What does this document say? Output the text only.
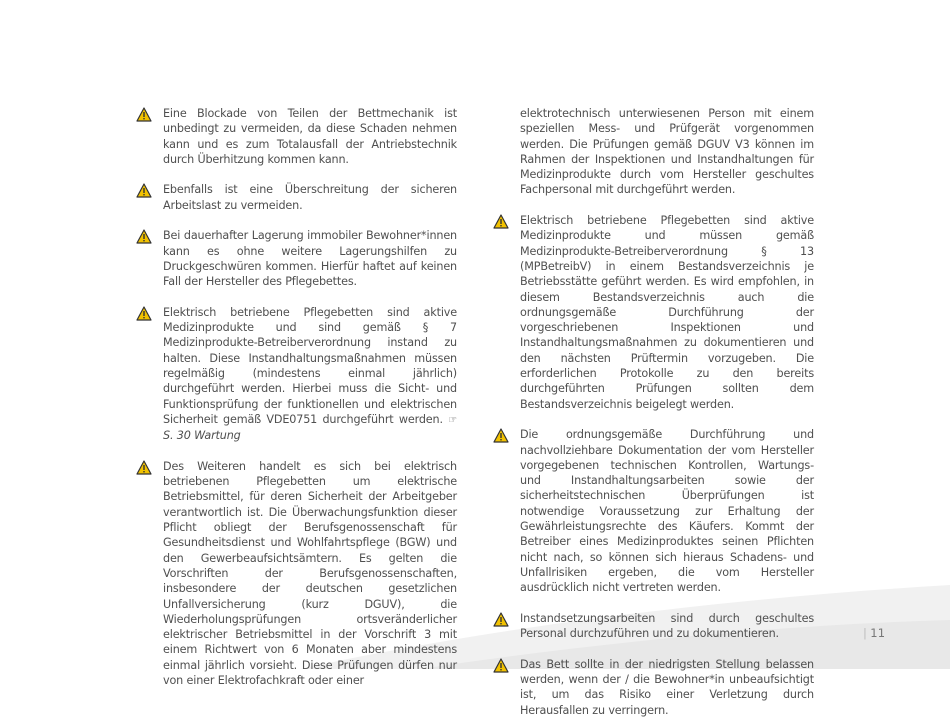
Eine Blockade von Teilen der Bettmechanik ist unbedingt zu vermeiden, da diese Schaden nehmen kann und es zum Totalausfall der Antriebstechnik durch Überhitzung kommen kann.

Ebenfalls ist eine Überschreitung der sicheren Arbeitslast zu vermeiden.

Bei dauerhafter Lagerung immobiler Bewohner*innen kann es ohne weitere Lagerungshilfen zu Druckgeschwüren kommen. Hierfür haftet auf keinen Fall der Hersteller des Pflegebettes.

Elektrisch betriebene Pflegebetten sind aktive Medizinprodukte und sind gemäß § 7 Medizinprodukte-Betreiberverordnung instand zu halten. Diese Instandhaltungsmaßnahmen müssen regelmäßig (mindestens einmal jährlich) durchgeführt werden. Hierbei muss die Sicht- und Funktionsprüfung der funktionellen und elektrischen Sicherheit gemäß VDE0751 durchgeführt werden. ☞ S. 30 Wartung

Des Weiteren handelt es sich bei elektrisch betriebenen Pflegebetten um elektrische Betriebsmittel, für deren Sicherheit der Arbeitgeber verantwortlich ist. Die Überwachungsfunktion dieser Pflicht obliegt der Berufsgenossenschaft für Gesundheitsdienst und Wohlfahrtspflege (BGW) und den Gewerbeaufsichtsämtern. Es gelten die Vorschriften der Berufsgenossenschaften, insbesondere der deutschen gesetzlichen Unfallversicherung (kurz DGUV), die Wiederholungsprüfungen ortsveränderlicher elektrischer Betriebsmittel in der Vorschrift 3 mit einem Richtwert von 6 Monaten aber mindestens einmal jährlich vorsieht. Diese Prüfungen dürfen nur von einer Elektrofachkraft oder einer

elektrotechnisch unterwiesenen Person mit einem speziellen Mess- und Prüfgerät vorgenommen werden. Die Prüfungen gemäß DGUV V3 können im Rahmen der Inspektionen und Instandhaltungen für Medizinprodukte durch vom Hersteller geschultes Fachpersonal mit durchgeführt werden.

Elektrisch betriebene Pflegebetten sind aktive Medizinprodukte und müssen gemäß Medizinprodukte-Betreiberverordnung § 13 (MPBetreibV) in einem Bestandsverzeichnis je Betriebsstätte geführt werden. Es wird empfohlen, in diesem Bestandsverzeichnis auch die ordnungsgemäße Durchführung der vorgeschriebenen Inspektionen und Instandhaltungsmaßnahmen zu dokumentieren und den nächsten Prüftermin vorzugeben. Die erforderlichen Protokolle zu den bereits durchgeführten Prüfungen sollten dem Bestandsverzeichnis beigelegt werden.

Die ordnungsgemäße Durchführung und nachvollziehbare Dokumentation der vom Hersteller vorgegebenen technischen Kontrollen, Wartungs- und Instandhaltungsarbeiten sowie der sicherheitstechnischen Überprüfungen ist notwendige Voraussetzung zur Erhaltung der Gewährleistungsrechte des Käufers. Kommt der Betreiber eines Medizinproduktes seinen Pflichten nicht nach, so können sich hieraus Schadens- und Unfallrisiken ergeben, die vom Hersteller ausdrücklich nicht vertreten werden.

Instandsetzungsarbeiten sind durch geschultes Personal durchzuführen und zu dokumentieren.

Das Bett sollte in der niedrigsten Stellung belassen werden, wenn der / die Bewohner*in unbeaufsichtigt ist, um das Risiko einer Verletzung durch Herausfallen zu verringern.

| 11
